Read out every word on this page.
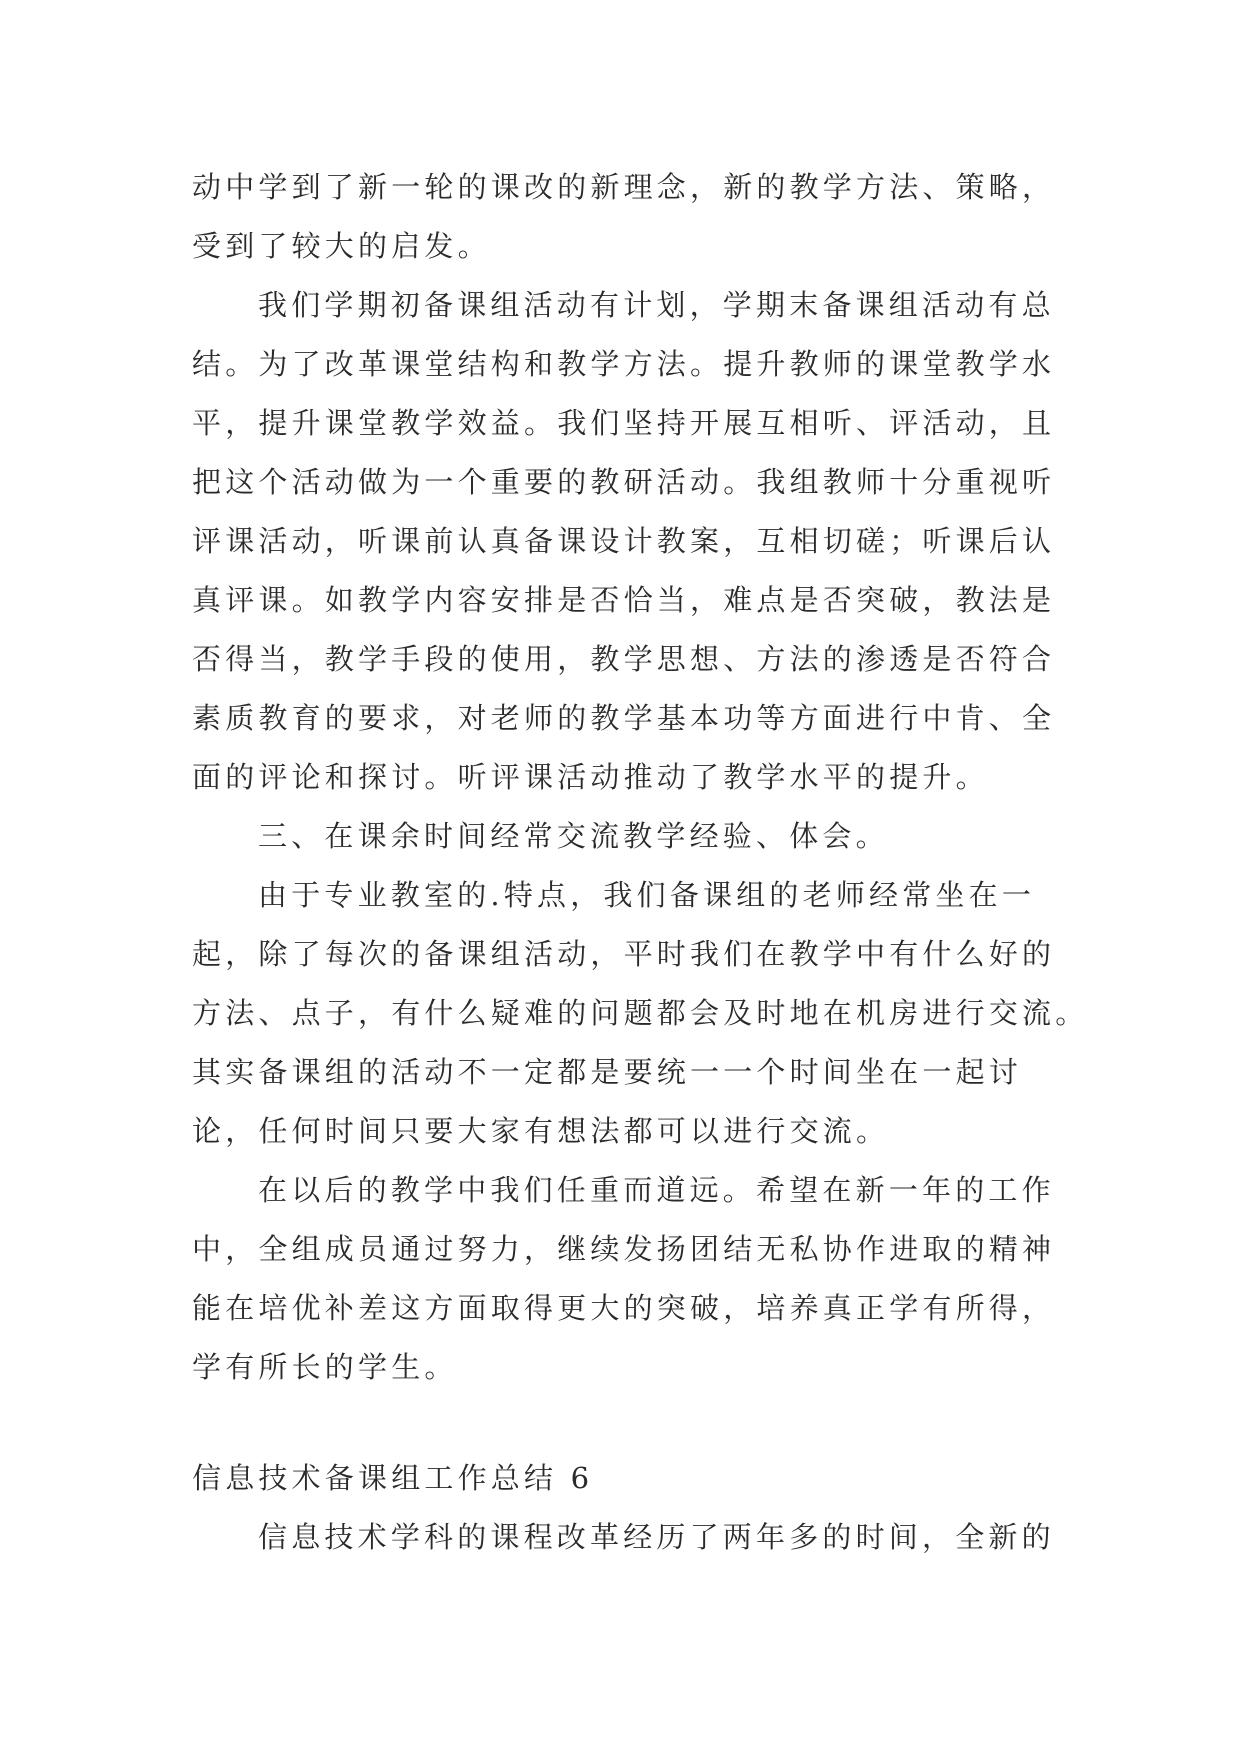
动中学到了新一轮的课改的新理念，新的教学方法、策略，
受到了较大的启发。
我们学期初备课组活动有计划，学期末备课组活动有总
结。为了改革课堂结构和教学方法。提升教师的课堂教学水
平，提升课堂教学效益。我们坚持开展互相听、评活动，且
把这个活动做为一个重要的教研活动。我组教师十分重视听
评课活动，听课前认真备课设计教案，互相切磋；听课后认
真评课。如教学内容安排是否恰当，难点是否突破，教法是
否得当，教学手段的使用，教学思想、方法的渗透是否符合
素质教育的要求，对老师的教学基本功等方面进行中肯、全
面的评论和探讨。听评课活动推动了教学水平的提升。
三、在课余时间经常交流教学经验、体会。
由于专业教室的.特点，我们备课组的老师经常坐在一
起，除了每次的备课组活动，平时我们在教学中有什么好的
方法、点子，有什么疑难的问题都会及时地在机房进行交流。
其实备课组的活动不一定都是要统一一个时间坐在一起讨
论，任何时间只要大家有想法都可以进行交流。
在以后的教学中我们任重而道远。希望在新一年的工作
中，全组成员通过努力，继续发扬团结无私协作进取的精神
能在培优补差这方面取得更大的突破，培养真正学有所得，
学有所长的学生。
信息技术备课组工作总结 6
信息技术学科的课程改革经历了两年多的时间，全新的
